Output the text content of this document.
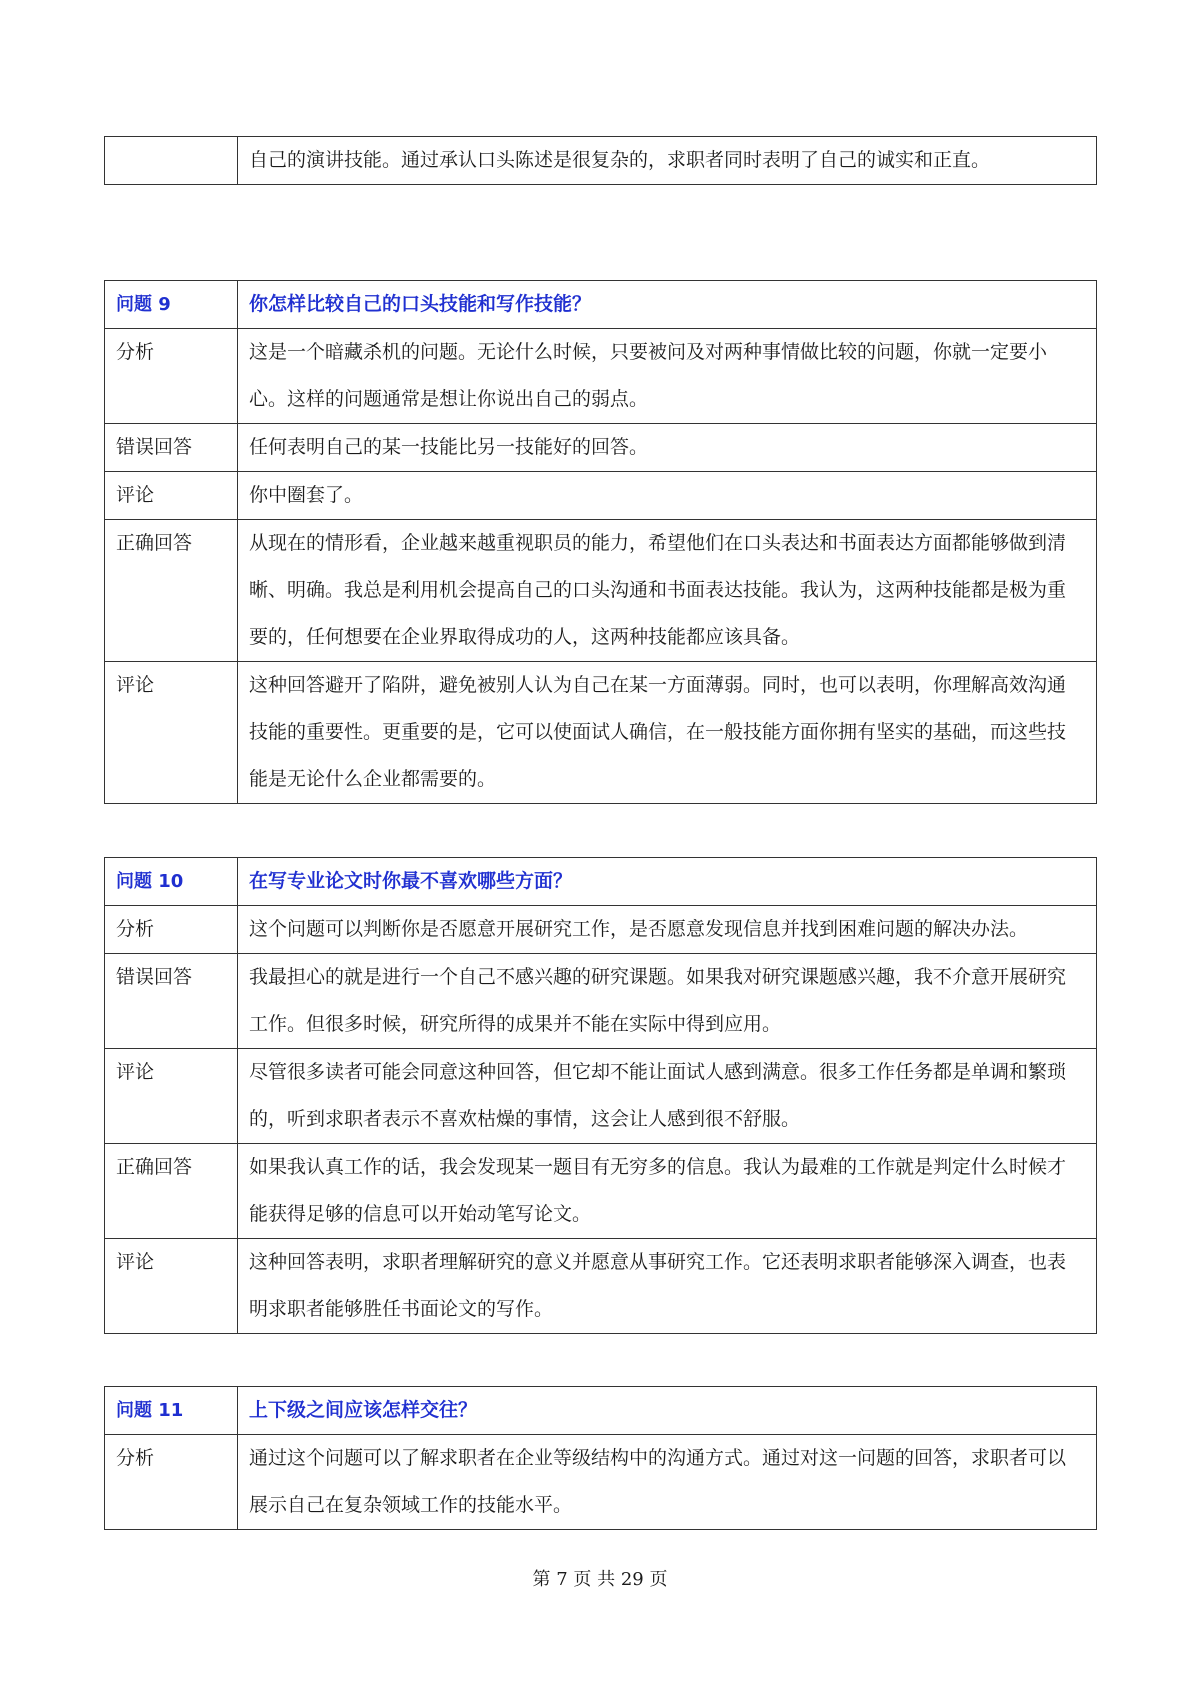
	自己的演讲技能。通过承认口头陈述是很复杂的，求职者同时表明了自己的诚实和正直。
问题 9	你怎样比较自己的口头技能和写作技能？
分析	这是一个暗藏杀机的问题。无论什么时候，只要被问及对两种事情做比较的问题，你就一定要小心。这样的问题通常是想让你说出自己的弱点。
错误回答	任何表明自己的某一技能比另一技能好的回答。
评论	你中圈套了。
正确回答	从现在的情形看，企业越来越重视职员的能力，希望他们在口头表达和书面表达方面都能够做到清晰、明确。我总是利用机会提高自己的口头沟通和书面表达技能。我认为，这两种技能都是极为重要的，任何想要在企业界取得成功的人，这两种技能都应该具备。
评论	这种回答避开了陷阱，避免被别人认为自己在某一方面薄弱。同时，也可以表明，你理解高效沟通技能的重要性。更重要的是，它可以使面试人确信，在一般技能方面你拥有坚实的基础，而这些技能是无论什么企业都需要的。
问题 10	在写专业论文时你最不喜欢哪些方面？
分析	这个问题可以判断你是否愿意开展研究工作，是否愿意发现信息并找到困难问题的解决办法。
错误回答	我最担心的就是进行一个自己不感兴趣的研究课题。如果我对研究课题感兴趣，我不介意开展研究工作。但很多时候，研究所得的成果并不能在实际中得到应用。
评论	尽管很多读者可能会同意这种回答，但它却不能让面试人感到满意。很多工作任务都是单调和繁琐的，听到求职者表示不喜欢枯燥的事情，这会让人感到很不舒服。
正确回答	如果我认真工作的话，我会发现某一题目有无穷多的信息。我认为最难的工作就是判定什么时候才能获得足够的信息可以开始动笔写论文。
评论	这种回答表明，求职者理解研究的意义并愿意从事研究工作。它还表明求职者能够深入调查，也表明求职者能够胜任书面论文的写作。
问题 11	上下级之间应该怎样交往？
分析	通过这个问题可以了解求职者在企业等级结构中的沟通方式。通过对这一问题的回答，求职者可以展示自己在复杂领域工作的技能水平。
第 7 页 共 29 页
